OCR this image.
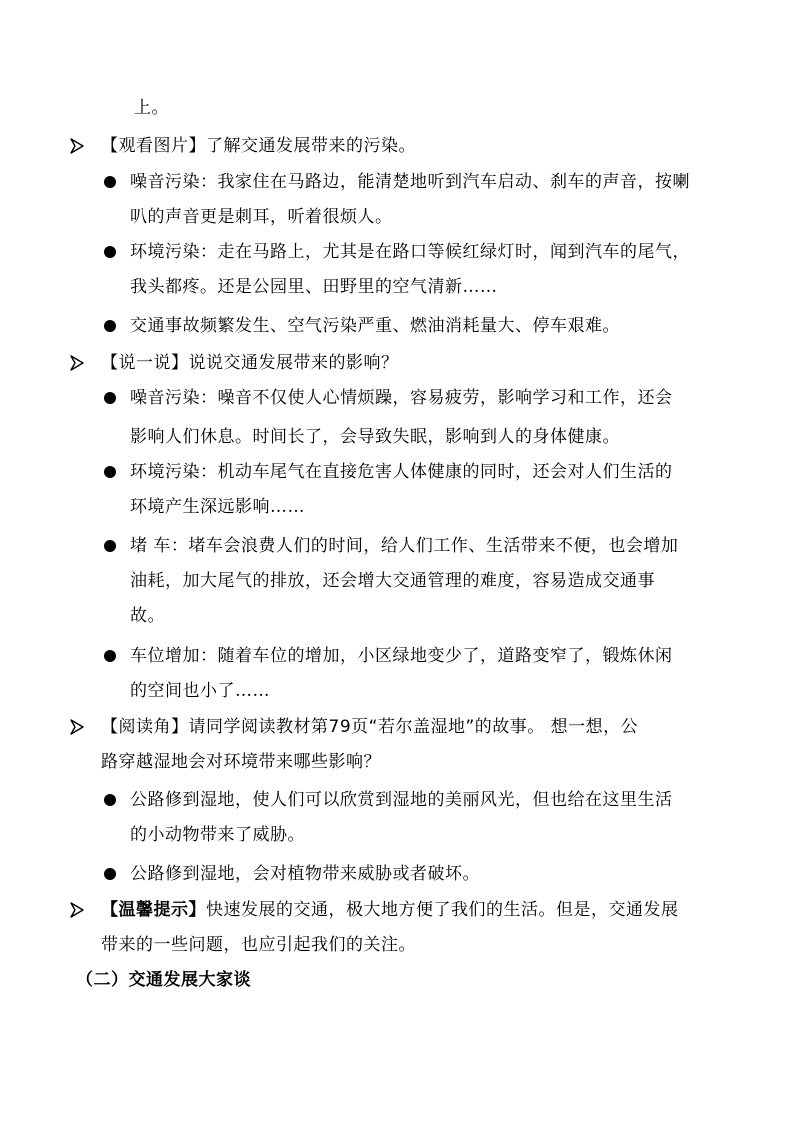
上。
【观看图片】了解交通发展带来的污染。
噪音污染：我家住在马路边，能清楚地听到汽车启动、刹车的声音，按喇
叭的声音更是刺耳，听着很烦人。
环境污染：走在马路上，尤其是在路口等候红绿灯时，闻到汽车的尾气，
我头都疼。还是公园里、田野里的空气清新……
交通事故频繁发生、空气污染严重、燃油消耗量大、停车艰难。
【说一说】说说交通发展带来的影响？
噪音污染：噪音不仅使人心情烦躁，容易疲劳，影响学习和工作，还会
影响人们休息。时间长了，会导致失眠，影响到人的身体健康。
环境污染：机动车尾气在直接危害人体健康的同时，还会对人们生活的
环境产生深远影响……
堵 车：堵车会浪费人们的时间，给人们工作、生活带来不便，也会增加
油耗，加大尾气的排放，还会增大交通管理的难度，容易造成交通事
故。
车位增加：随着车位的增加，小区绿地变少了，道路变窄了，锻炼休闲
的空间也小了……
【阅读角】请同学阅读教材第79页“若尔盖湿地”的故事。 想一想，公
路穿越湿地会对环境带来哪些影响？
公路修到湿地，使人们可以欣赏到湿地的美丽风光，但也给在这里生活
的小动物带来了威胁。
公路修到湿地，会对植物带来威胁或者破坏。
【温馨提示】快速发展的交通，极大地方便了我们的生活。但是，交通发展
带来的一些问题，也应引起我们的关注。
（二）交通发展大家谈
